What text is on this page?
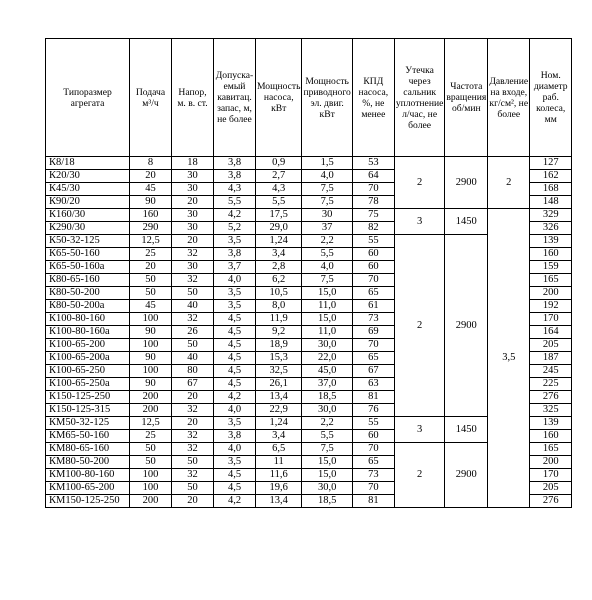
Типоразмер агрегата	Подача м³/ч	Напор, м. в. ст.	Допуска-емый кавитац. запас, м, не более	Мощность насоса, кВт	Мощность приводного эл. двиг. кВт	КПД насоса, %, не менее	Утечка через сальник уплотнение л/час, не более	Частота вращения об/мин	Давление на входе, кг/см², не более	Ном. диаметр раб. колеса, мм
К8/18	8	18	3,8	0,9	1,5	53	2	2900	2	127
К20/30	20	30	3,8	2,7	4,0	64				162
К45/30	45	30	4,3	4,3	7,5	70				168
К90/20	90	20	5,5	5,5	7,5	78				148
К160/30	160	30	4,2	17,5	30	75	3	1450	3,5	329
К290/30	290	30	5,2	29,0	37	82				326
К50-32-125	12,5	20	3,5	1,24	2,2	55	2	2900		139
К65-50-160	25	32	3,8	3,4	5,5	60				160
К65-50-160а	20	30	3,7	2,8	4,0	60				159
К80-65-160	50	32	4,0	6,2	7,5	70				165
К80-50-200	50	50	3,5	10,5	15,0	65				200
К80-50-200а	45	40	3,5	8,0	11,0	61				192
К100-80-160	100	32	4,5	11,9	15,0	73				170
К100-80-160а	90	26	4,5	9,2	11,0	69				164
К100-65-200	100	50	4,5	18,9	30,0	70				205
К100-65-200а	90	40	4,5	15,3	22,0	65				187
К100-65-250	100	80	4,5	32,5	45,0	67				245
К100-65-250а	90	67	4,5	26,1	37,0	63				225
К150-125-250	200	20	4,2	13,4	18,5	81				276
К150-125-315	200	32	4,0	22,9	30,0	76				325
КМ50-32-125	12,5	20	3,5	1,24	2,2	55	3	1450		139
КМ65-50-160	25	32	3,8	3,4	5,5	60				160
КМ80-65-160	50	32	4,0	6,5	7,5	70	2	2900		165
КМ80-50-200	50	50	3,5	11	15,0	65				200
КМ100-80-160	100	32	4,5	11,6	15,0	73				170
КМ100-65-200	100	50	4,5	19,6	30,0	70				205
КМ150-125-250	200	20	4,2	13,4	18,5	81				276
